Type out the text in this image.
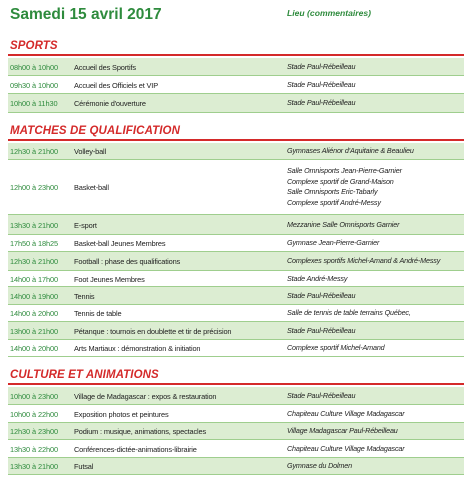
Samedi 15 avril 2017	Lieu (commentaires)
SPORTS
08h00 à 10h00	Accueil des Sportifs	Stade Paul-Rébeilleau
09h30 à 10h00	Accueil des Officiels et VIP	Stade Paul-Rébeilleau
10h00 à 11h30	Cérémonie d'ouverture	Stade Paul-Rébeilleau
MATCHES DE QUALIFICATION
12h30 à 21h00	Volley-ball	Gymnases Aliénor d'Aquitaine & Beaulieu
12h00 à 23h00	Basket-ball
Salle Omnisports Jean-Pierre-Garnier
Complexe sportif de Grand-Maison
Salle Omnisports Eric-Tabarly
Complexe sportif André-Messy
13h30 à 21h00	E-sport	Mezzanine Salle Omnisports Garnier
17h50 à 18h25	Basket-ball Jeunes Membres	Gymnase Jean-Pierre-Garnier
12h30 à 21h00	Football : phase des qualifications	Complexes sportifs Michel-Amand & André-Messy
14h00 à 17h00	Foot Jeunes Membres	Stade André-Messy
14h00 à 19h00	Tennis	Stade Paul-Rébeilleau
14h00 à 20h00	Tennis de table	Salle de tennis de table terrains Québec,
13h00 à 21h00	Pétanque : tournois en doublette et tir de précision	Stade Paul-Rébeilleau
14h00 à 20h00	Arts Martiaux : démonstration & initiation	Complexe sportif Michel-Amand
CULTURE ET ANIMATIONS
10h00 à 23h00	Village de Madagascar : expos & restauration	Stade Paul-Rébeilleau
10h00 à 22h00	Exposition photos et peintures	Chapiteau Culture Village Madagascar
12h30 à 23h00	Podium : musique, animations, spectacles	Village Madagascar Paul-Rébeilleau
13h30 à 22h00	Conférences-dictée-animations-librairie	Chapiteau Culture Village Madagascar
13h30 à 21h00	Futsal	Gymnase du Dolmen
